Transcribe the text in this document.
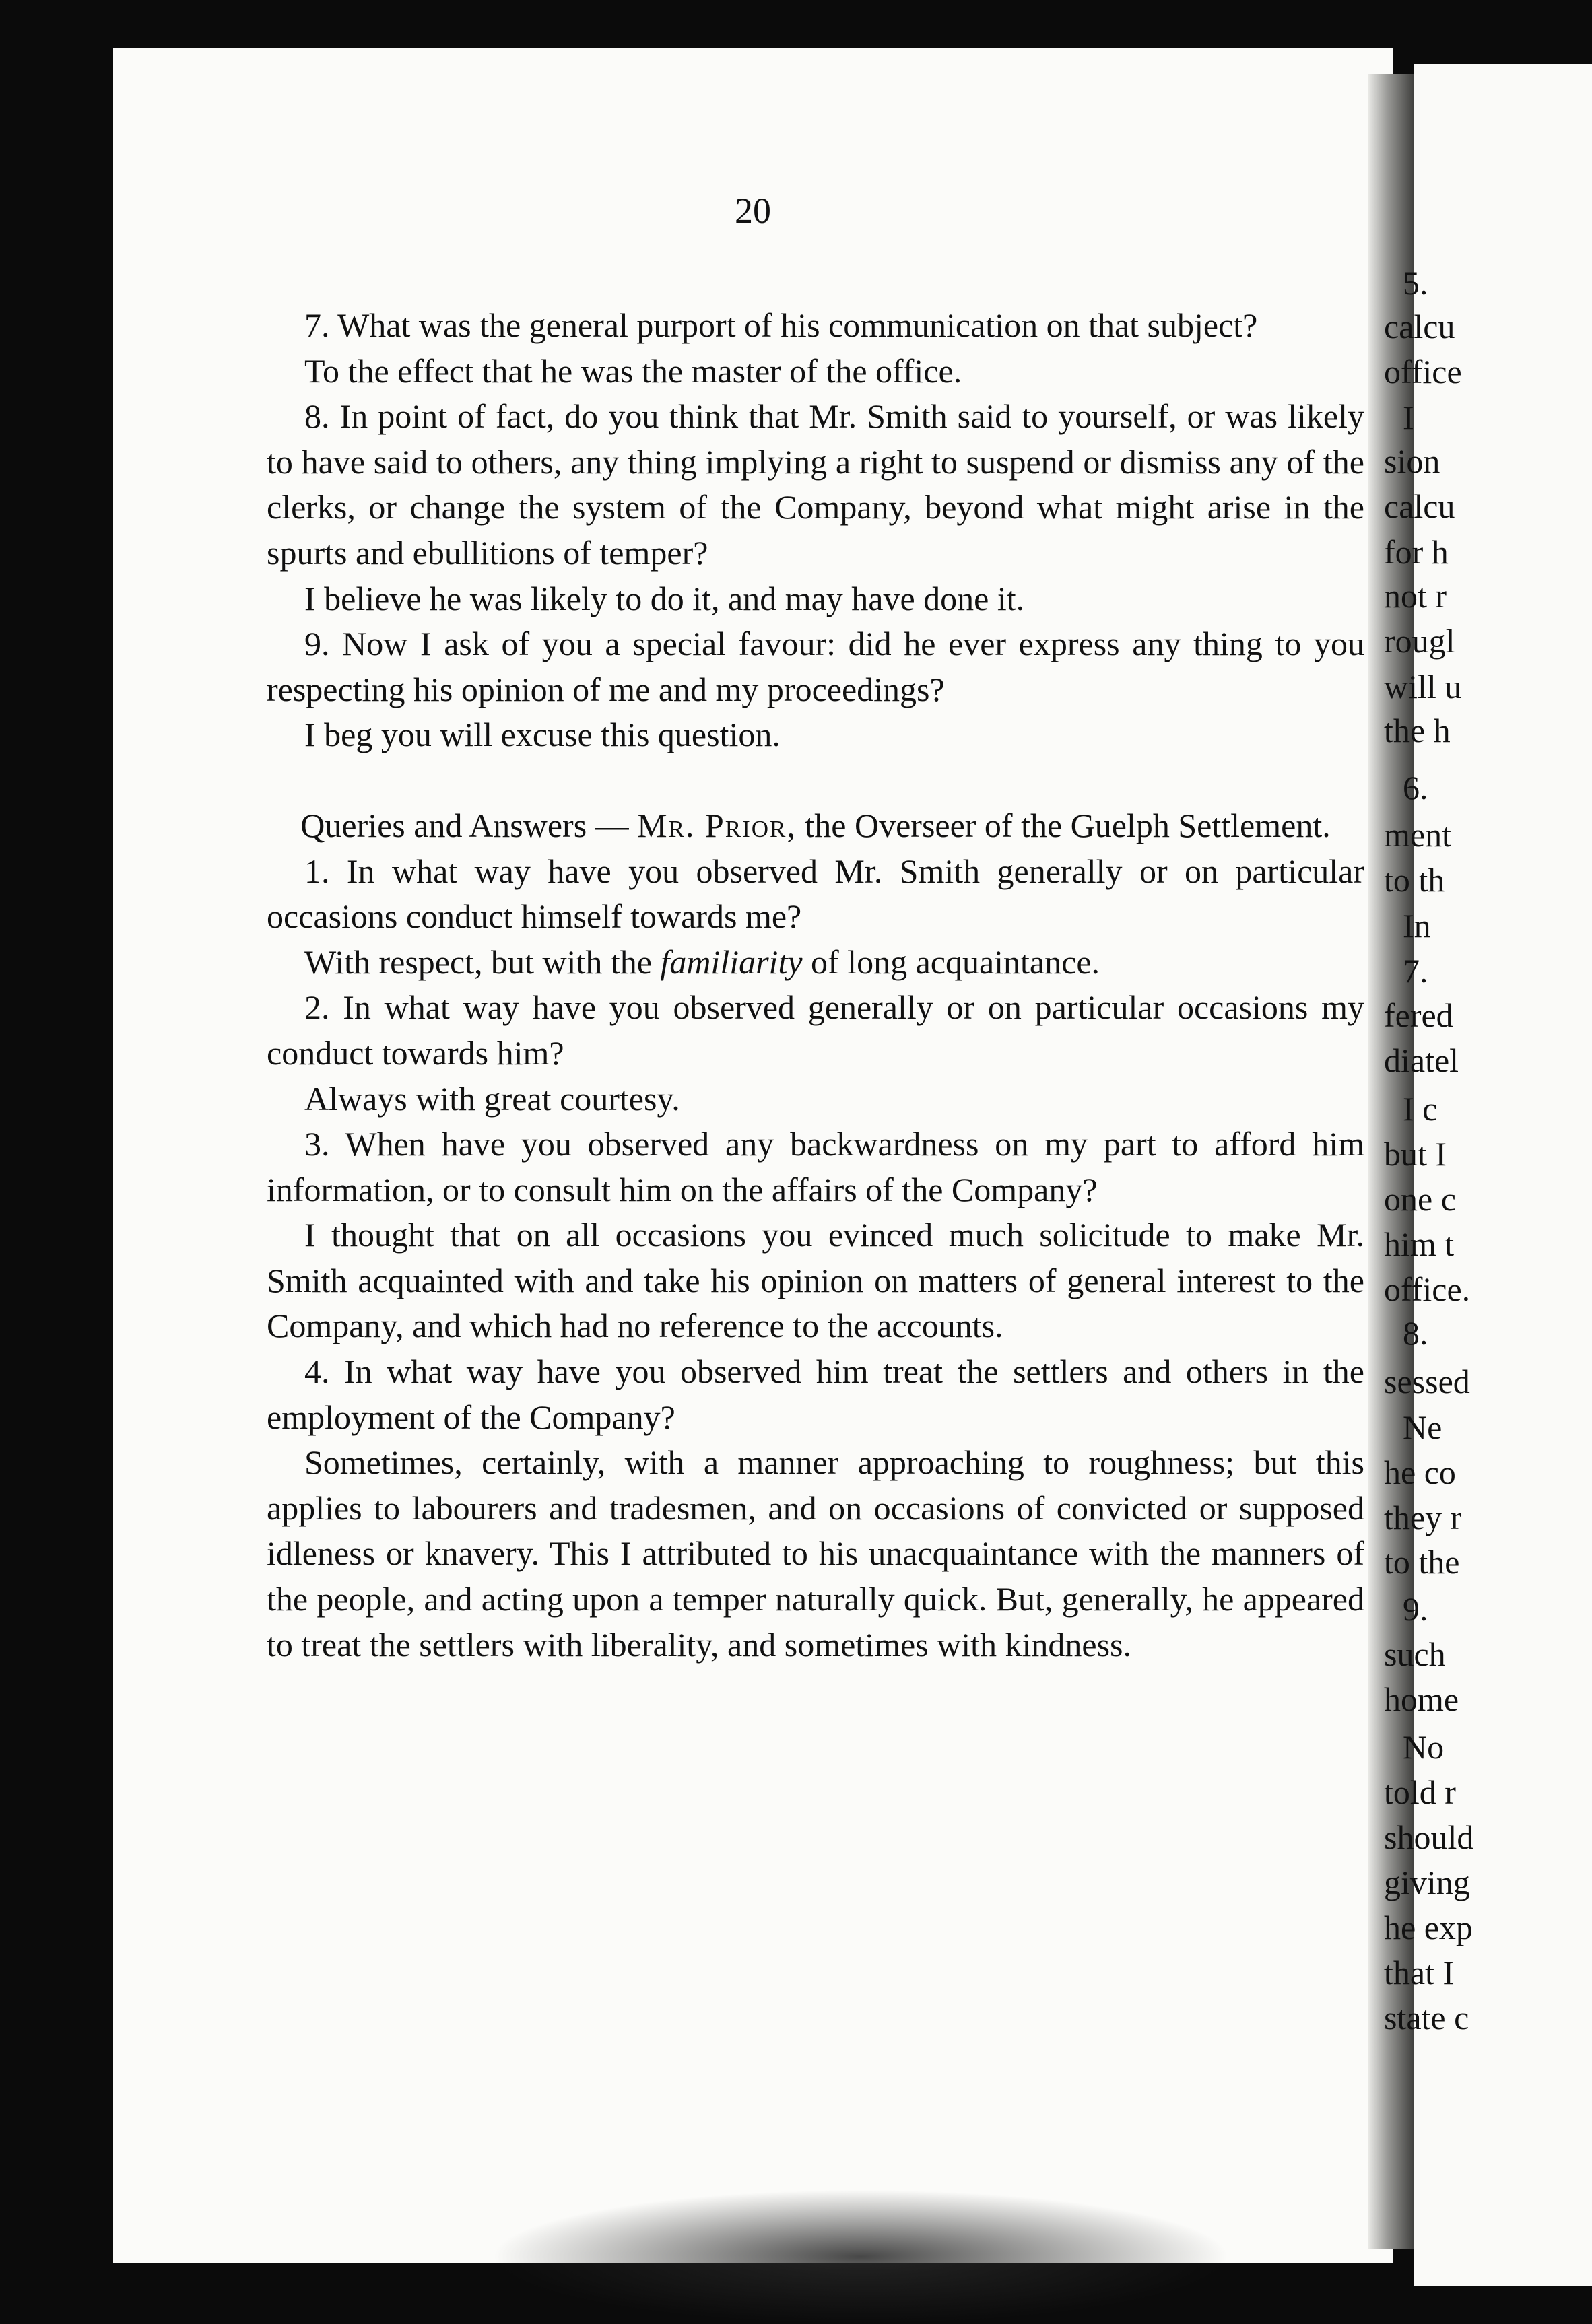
20

7. What was the general purport of his communication on that subject?

To the effect that he was the master of the office.

8. In point of fact, do you think that Mr. Smith said to yourself, or was likely to have said to others, any thing implying a right to suspend or dismiss any of the clerks, or change the system of the Company, beyond what might arise in the spurts and ebullitions of temper?

I believe he was likely to do it, and may have done it.

9. Now I ask of you a special favour: did he ever express any thing to you respecting his opinion of me and my proceedings?

I beg you will excuse this question.

Queries and Answers — Mr. Prior, the Overseer of the Guelph Settlement.

1. In what way have you observed Mr. Smith generally or on particular occasions conduct himself towards me?

With respect, but with the familiarity of long acquaintance.

2. In what way have you observed generally or on particular occasions my conduct towards him?

Always with great courtesy.

3. When have you observed any backwardness on my part to afford him information, or to consult him on the affairs of the Company?

I thought that on all occasions you evinced much solicitude to make Mr. Smith acquainted with and take his opinion on matters of general interest to the Company, and which had no reference to the accounts.

4. In what way have you observed him treat the settlers and others in the employment of the Company?

Sometimes, certainly, with a manner approaching to roughness; but this applies to labourers and tradesmen, and on occasions of convicted or supposed idleness or knavery. This I attributed to his unacquaintance with the manners of the people, and acting upon a temper naturally quick. But, generally, he appeared to treat the settlers with liberality, and sometimes with kindness.

5.
calcu
office
I
sion
calcu
for h
not r
rougl
will u
the h
6.
ment
to th
In
7.
fered
diatel
I c
but I
one c
him t
office.
8.
sessed
Ne
he co
they r
to the
9.
such
home
No
told r
should
giving
he exp
that I
state c
